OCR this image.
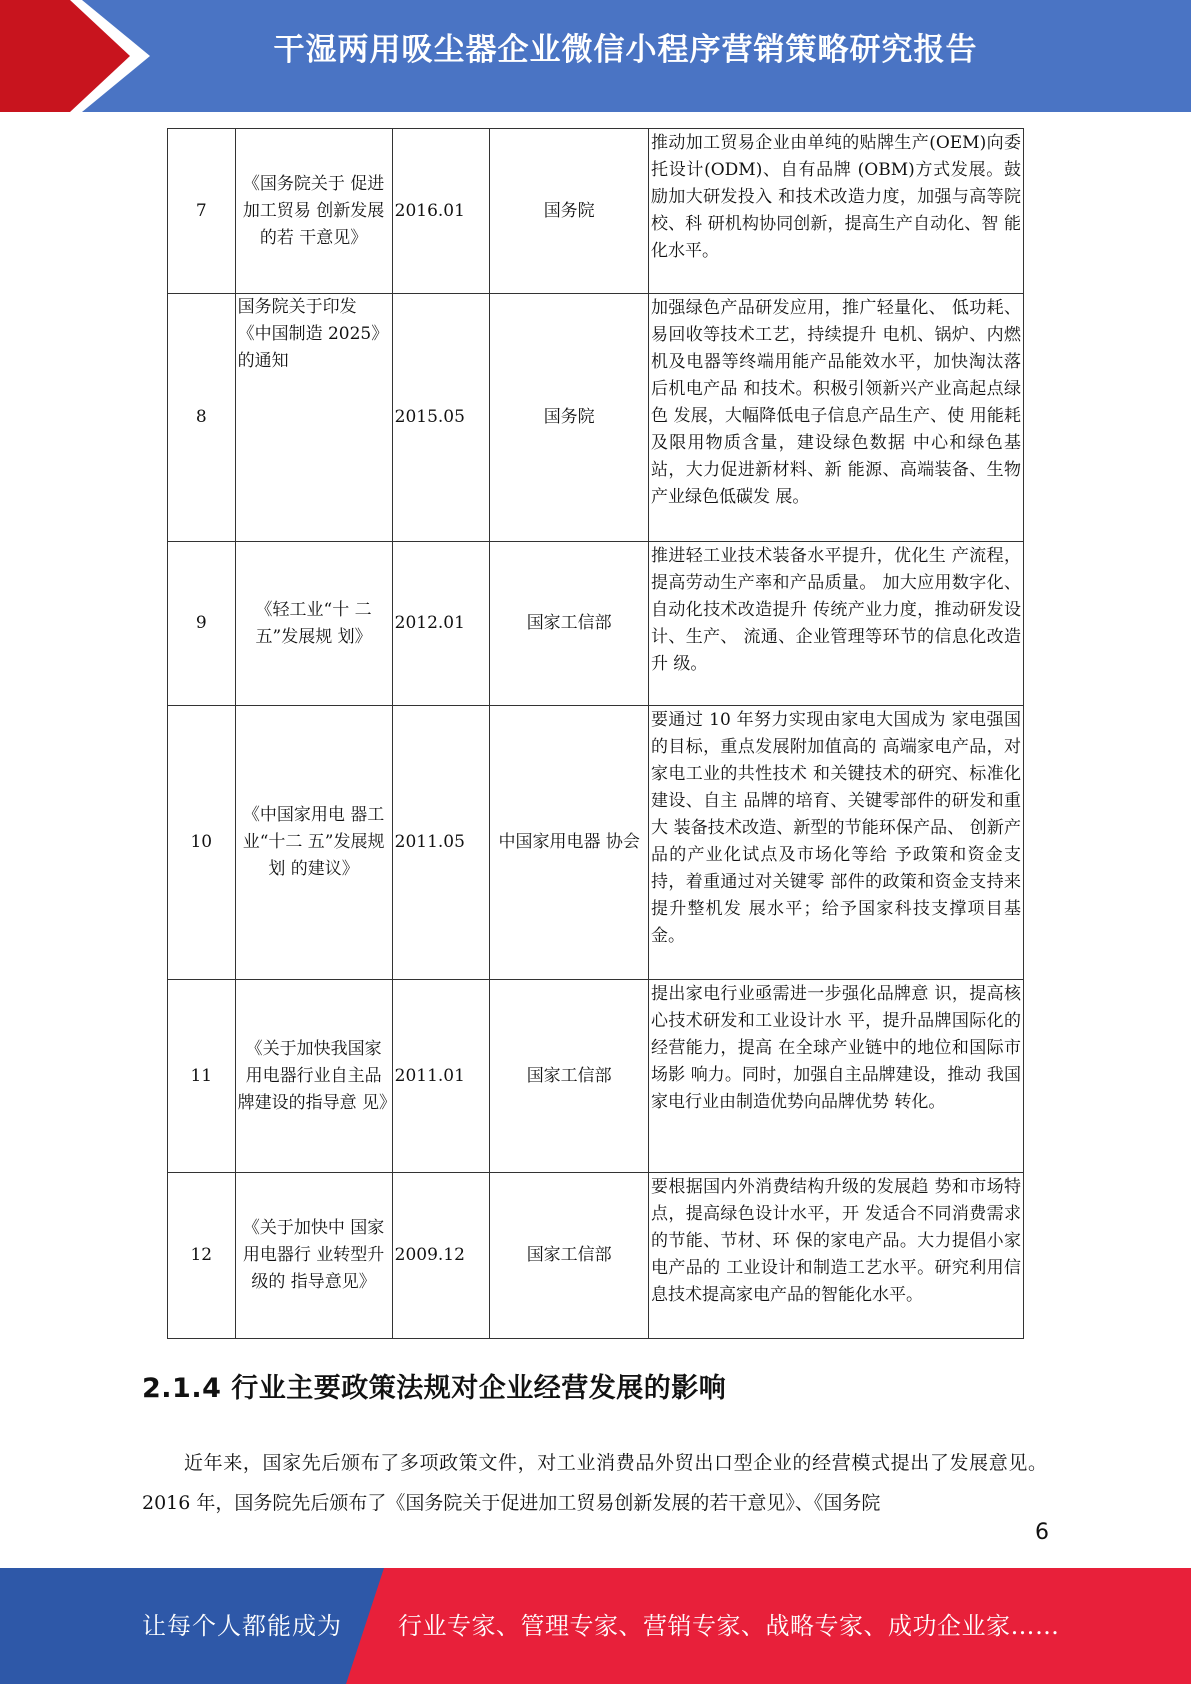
干湿两用吸尘器企业微信小程序营销策略研究报告
7	《国务院关于 促进加工贸易 创新发展的若 干意见》	2016.01	国务院	推动加工贸易企业由单纯的贴牌生产(OEM)向委托设计(ODM)、自有品牌 (OBM)方式发展。鼓励加大研发投入 和技术改造力度，加强与高等院校、科 研机构协同创新，提高生产自动化、智 能化水平。
8	国务院关于印发《中国制造 2025》的通知	2015.05	国务院	加强绿色产品研发应用，推广轻量化、 低功耗、易回收等技术工艺，持续提升 电机、锅炉、内燃机及电器等终端用能产品能效水平，加快淘汰落后机电产品 和技术。积极引领新兴产业高起点绿色 发展，大幅降低电子信息产品生产、使 用能耗及限用物质含量，建设绿色数据 中心和绿色基站，大力促进新材料、新 能源、高端装备、生物产业绿色低碳发 展。
9	《轻工业“十 二五”发展规 划》	2012.01	国家工信部	推进轻工业技术装备水平提升，优化生 产流程，提高劳动生产率和产品质量。 加大应用数字化、自动化技术改造提升 传统产业力度，推动研发设计、生产、 流通、企业管理等环节的信息化改造升 级。
10	《中国家用电 器工业“十二 五”发展规划 的建议》	2011.05	中国家用电器 协会	要通过 10 年努力实现由家电大国成为 家电强国的目标，重点发展附加值高的 高端家电产品，对家电工业的共性技术 和关键技术的研究、标准化建设、自主 品牌的培育、关键零部件的研发和重大 装备技术改造、新型的节能环保产品、 创新产品的产业化试点及市场化等给 予政策和资金支持，着重通过对关键零 部件的政策和资金支持来提升整机发 展水平；给予国家科技支撑项目基金。
11	《关于加快我国家用电器行业自主品牌建设的指导意 见》	2011.01	国家工信部	提出家电行业亟需进一步强化品牌意 识，提高核心技术研发和工业设计水 平，提升品牌国际化的经营能力，提高 在全球产业链中的地位和国际市场影 响力。同时，加强自主品牌建设，推动 我国家电行业由制造优势向品牌优势 转化。
12	《关于加快中 国家用电器行 业转型升级的 指导意见》	2009.12	国家工信部	要根据国内外消费结构升级的发展趋 势和市场特点，提高绿色设计水平，开 发适合不同消费需求的节能、节材、环 保的家电产品。大力提倡小家电产品的 工业设计和制造工艺水平。研究利用信 息技术提高家电产品的智能化水平。
2.1.4 行业主要政策法规对企业经营发展的影响

近年来，国家先后颁布了多项政策文件，对工业消费品外贸出口型企业的经营模式提出了发展意见。2016 年，国务院先后颁布了《国务院关于促进加工贸易创新发展的若干意见》、《国务院

6
让每个人都能成为 行业专家、管理专家、营销专家、战略专家、成功企业家……
